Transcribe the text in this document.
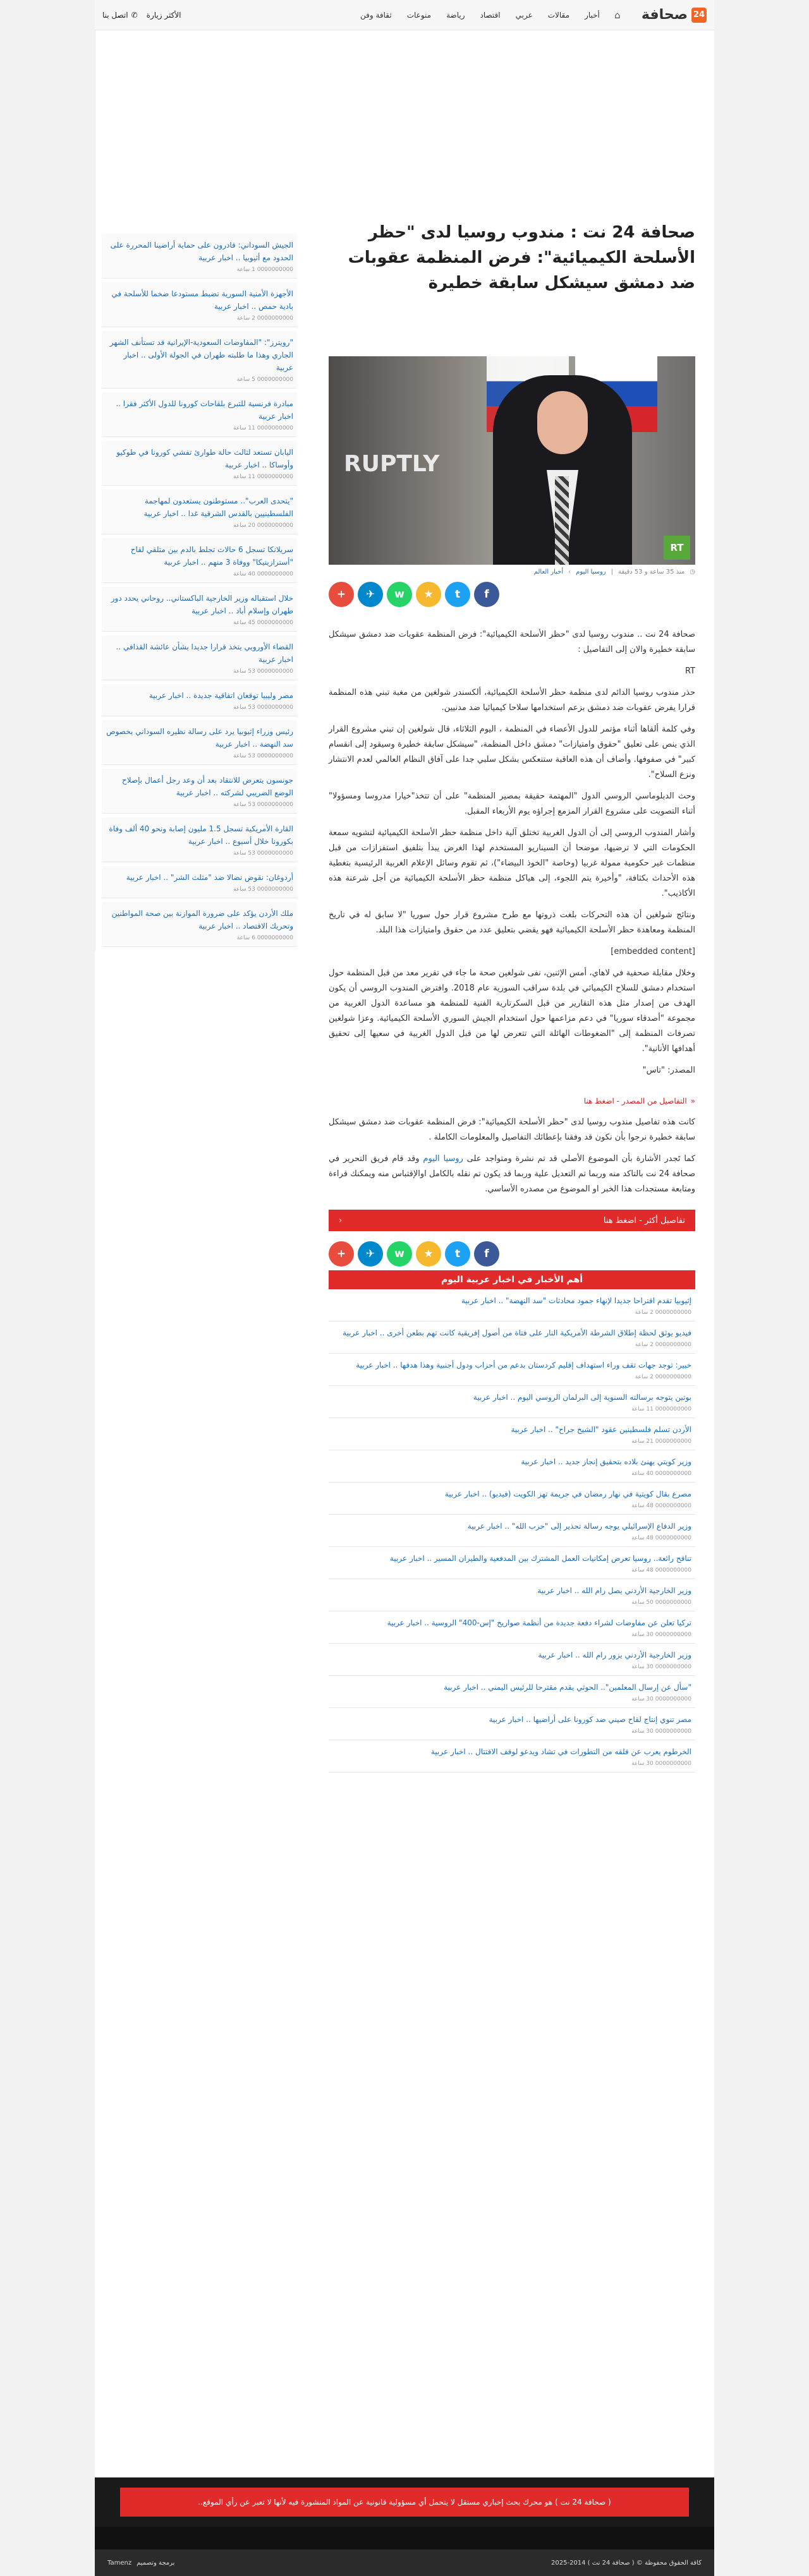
24
صحافة
⌂
أخبار
مقالات
عربي
اقتصاد
رياضة
منوعات
ثقافة وفن
الأكثر زيارة
✆
اتصل بنا
صحافة 24 نت : مندوب روسيا لدى "حظر الأسلحة الكيميائية": فرض المنظمة عقوبات ضد دمشق سيشكل سابقة خطيرة
RUPTLY
RT
◷
منذ 35 ساعة و 53 دقيقة
|
روسيا اليوم
›
أخبار العالم
f
t
★
w
✈
+

صحافة 24 نت .. مندوب روسيا لدى "حظر الأسلحة الكيميائية": فرض المنظمة عقوبات ضد دمشق سيشكل سابقة خطيرة والان إلى التفاصيل :

RT

حذر مندوب روسيا الدائم لدى منظمة حظر الأسلحة الكيميائية، ألكسندر شولغين من مغبة تبني هذه المنظمة قرارا يفرض عقوبات ضد دمشق بزعم استخدامها سلاحا كيميائيا ضد مدنيين.

وفي كلمة ألقاها أثناء مؤتمر للدول الأعضاء في المنظمة ، اليوم الثلاثاء، قال شولغين إن تبني مشروع القرار الذي ينص على تعليق "حقوق وامتيازات" دمشق داخل المنظمة، "سيشكل سابقة خطيرة وسيقود إلى انقسام كبير" في صفوفها. وأضاف أن هذه العاقبة ستنعكس بشكل سلبي جدا على آفاق النظام العالمي لعدم الانتشار ونزع السلاح".

وحث الدبلوماسي الروسي الدول "المهتمة حقيقة بمصير المنظمة" على أن تتخذ"خيارا مدروسا ومسؤولا" أثناء التصويت على مشروع القرار المزمع إجراؤه يوم الأربعاء المقبل.

وأشار المندوب الروسي إلى أن الدول الغربية تختلق آلية داخل منظمة حظر الأسلحة الكيميائية لتشويه سمعة الحكومات التي لا ترضيها، موضحا أن السيناريو المستخدم لهذا الغرض يبدأ بتلفيق استفزازات من قبل منظمات غير حكومية ممولة غربيا (وخاصة "الخوذ البيضاء")، ثم تقوم وسائل الإعلام الغربية الرئيسية بتغطية هذه الأحداث بكثافة، "وأخيرة يتم اللجوء، إلى هياكل منظمة حظر الأسلحة الكيميائية من أجل شرعنة هذه الأكاذيب".

ونتائج شولغين أن هذه التحركات بلغت ذروتها مع طرح مشروع قرار حول سوريا "لا سابق له في تاريخ المنظمة ومعاهدة حظر الأسلحة الكيميائية فهو يقضي بتعليق عدد من حقوق وامتيازات هذا البلد.

[embedded content]

وخلال مقابلة صحفية في لاهاي، أمس الإثنين، نفى شولغين صحة ما جاء في تقرير معد من قبل المنظمة حول استخدام دمشق للسلاح الكيميائي في بلدة سراقب السورية عام 2018. وافترض المندوب الروسي أن يكون الهدف من إصدار مثل هذه التقارير من قبل السكرتارية الفنية للمنظمة هو مساعدة الدول الغربية من مجموعة "أصدقاء سوريا" في دعم مزاعمها حول استخدام الجيش السوري الأسلحة الكيميائية. وعزا شولغين تصرفات المنظمة إلى "الضغوطات الهائلة التي تتعرض لها من قبل الدول الغربية في سعيها إلى تحقيق أهدافها الأنانية".

المصدر: "تاس"

«
التفاصيل من المصدر - اضغط هنا

كانت هذه تفاصيل مندوب روسيا لدى "حظر الأسلحة الكيميائية": فرض المنظمة عقوبات ضد دمشق سيشكل سابقة خطيرة نرجوا بأن نكون قد وفقنا بإعطائك التفاصيل والمعلومات الكاملة .

كما تَجدر الأشارة بأن الموضوع الأصلي قد تم نشرة ومتواجد على روسيا اليوم وقد قام فريق التحرير في صحافة 24 نت بالتاكد منه وربما تم التعديل علية وربما قد يكون تم نقله بالكامل اوالإقتباس منه ويمكنك قراءة ومتابعة مستجدات هذا الخبر او الموضوع من مصدره الأساسي.

تفاصيل أكثر - اضغط هنا
‹
f
t
★
w
✈
+
أهم الأخبار في اخبار عربية اليوم
إثيوبيا تقدم اقتراحا جديدا لإنهاء جمود محادثات "سد النهضة" .. اخبار عربية
0000000000 2 ساعة
فيديو يوثق لحظة إطلاق الشرطة الأمريكية النار على فتاة من أصول إفريقية كانت تهم بطعن أخرى .. اخبار عربية
0000000000 2 ساعة
خبير: توجد جهات تقف وراء استهداف إقليم كردستان بدعم من أحزاب ودول أجنبية وهذا هدفها .. اخبار عربية
0000000000 2 ساعة
بوتين يتوجه برسالته السنوية إلى البرلمان الروسي اليوم .. اخبار عربية
0000000000 11 ساعة
الأردن تسلم فلسطينين عقود "الشيخ جراح" .. اخبار عربية
0000000000 21 ساعة
وزير كويتي يهنئ بلاده بتحقيق إنجاز جديد .. اخبار عربية
0000000000 40 ساعة
مصرع بقال كويتية في نهار رمضان في جريمة تهز الكويت (فيديو) .. اخبار عربية
0000000000 48 ساعة
وزير الدفاع الإسرائيلي يوجه رسالة تحذير إلى "حزب الله" .. اخبار عربية
0000000000 48 ساعة
تناقح رائعة.. روسيا تعرض إمكانيات العمل المشترك بين المدفعية والطيران المسير .. اخبار عربية
0000000000 48 ساعة
وزير الخارجية الأردني يصل رام الله .. اخبار عربية
0000000000 50 ساعة
تركيا تعلن عن مفاوضات لشراء دفعة جديدة من أنظمة صواريخ "إس-400" الروسية .. اخبار عربية
0000000000 30 ساعة
وزير الخارجية الأردني يزور رام الله .. اخبار عربية
0000000000 30 ساعة
"سأل عن إرسال المعلمين".. الحوثي يقدم مقترحا للرئيس اليمني .. اخبار عربية
0000000000 30 ساعة
مصر تنوي إنتاج لقاح صيني ضد كورونا على أراضيها .. اخبار عربية
0000000000 30 ساعة
الخرطوم يعرب عن قلقه من التطورات في تشاد ويدعو لوقف الاقتتال .. اخبار عربية
0000000000 30 ساعة
الجيش السوداني: قادرون على حماية أراضينا المحررة على الحدود مع أثيوبيا .. اخبار عربية
0000000000 1 ساعة
الأجهزة الأمنية السورية تضبط مستودعا ضخما للأسلحة في بادية حمص .. اخبار عربية
0000000000 2 ساعة
"رويترز": "المفاوضات السعودية-الإيرانية قد تستأنف الشهر الجاري وهذا ما طلبته طهران في الجولة الأولى .. اخبار عربية
0000000000 5 ساعة
مبادرة فرنسية للتبرع بلقاحات كورونا للدول الأكثر فقرا .. اخبار عربية
0000000000 11 ساعة
اليابان تستعد لثالث حالة طوارئ تفشي كورونا في طوكيو وأوساكا .. اخبار عربية
0000000000 11 ساعة
"يتحدى العرب".. مستوطنون يستعدون لمهاجمة الفلسطينيين بالقدس الشرقية غدا .. اخبار عربية
0000000000 20 ساعة
سريلانكا تسجل 6 حالات تجلط بالدم بين متلقي لقاح "أسترازينيكا" ووفاة 3 منهم .. اخبار عربية
0000000000 40 ساعة
خلال استقباله وزير الخارجية الباكستاني.. روحاني يحدد دور طهران وإسلام أباد .. اخبار عربية
0000000000 45 ساعة
القضاء الأوروبي يتخذ قرارا جديدا بشأن عائشة القذافي .. اخبار عربية
0000000000 53 ساعة
مصر وليبيا توقعان اتفاقية جديدة .. اخبار عربية
0000000000 53 ساعة
رئيس وزراء إثيوبيا يرد على رسالة نظيره السوداني بخصوص سد النهضة .. اخبار عربية
0000000000 53 ساعة
جونسون يتعرض للانتقاد بعد أن وعد رجل أعمال بإصلاح الوضع الضريبي لشركته .. اخبار عربية
0000000000 53 ساعة
القارة الأمريكية تسجل 1.5 مليون إصابة ونحو 40 ألف وفاة بكورونا خلال أسبوع .. اخبار عربية
0000000000 53 ساعة
أردوغان: نقوض نضالا ضد "مثلث الشر" .. اخبار عربية
0000000000 53 ساعة
ملك الأردن يؤكد على ضرورة الموازنة بين صحة المواطنين وتحريك الاقتصاد .. اخبار عربية
0000000000 6 ساعة
( صحافة 24 نت ) هو محرك بحث إخباري مستقل لا يتحمل أي مسؤولية قانونية عن المواد المنشورة فيه لأنها لا تعبر عن رأي الموقع..
كافة الحقوق محفوظة © ( صحافة 24 نت ) 2014-2025
برمجة وتصميم
Tamenz
